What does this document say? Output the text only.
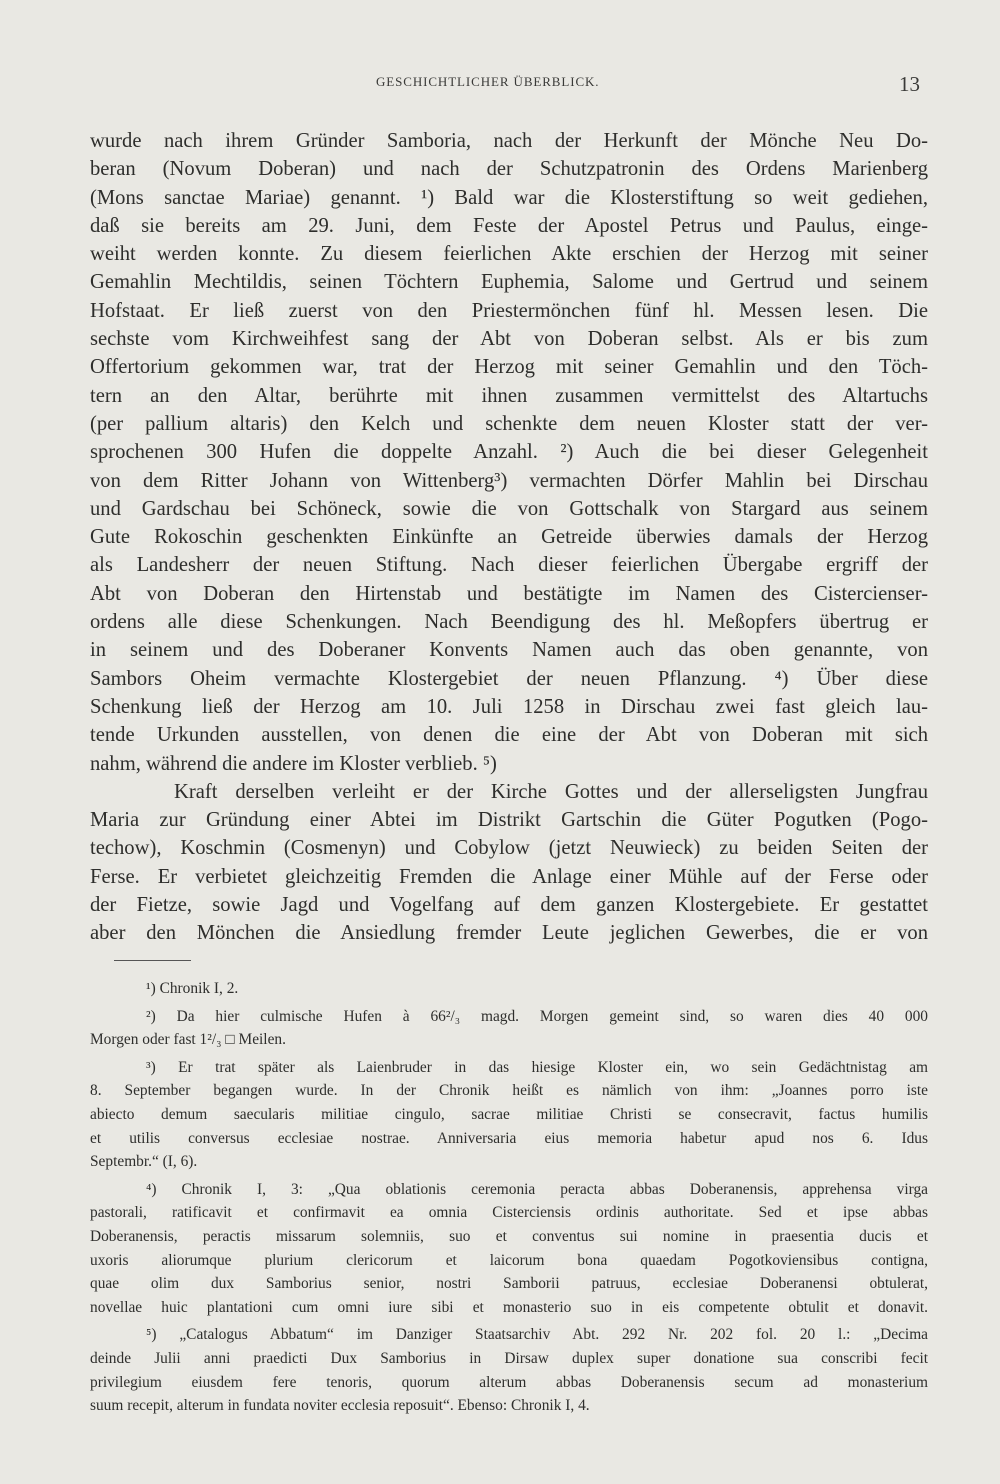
GESCHICHTLICHER ÜBERBLICK.	13
wurde nach ihrem Gründer Samboria, nach der Herkunft der Mönche Neu Do-
beran (Novum Doberan) und nach der Schutzpatronin des Ordens Marienberg
(Mons sanctae Mariae) genannt. ¹) Bald war die Klosterstiftung so weit gediehen,
daß sie bereits am 29. Juni, dem Feste der Apostel Petrus und Paulus, einge-
weiht werden konnte. Zu diesem feierlichen Akte erschien der Herzog mit seiner
Gemahlin Mechtildis, seinen Töchtern Euphemia, Salome und Gertrud und seinem
Hofstaat. Er ließ zuerst von den Priestermönchen fünf hl. Messen lesen. Die
sechste vom Kirchweihfest sang der Abt von Doberan selbst. Als er bis zum
Offertorium gekommen war, trat der Herzog mit seiner Gemahlin und den Töch-
tern an den Altar, berührte mit ihnen zusammen vermittelst des Altartuchs
(per pallium altaris) den Kelch und schenkte dem neuen Kloster statt der ver-
sprochenen 300 Hufen die doppelte Anzahl. ²) Auch die bei dieser Gelegenheit
von dem Ritter Johann von Wittenberg³) vermachten Dörfer Mahlin bei Dirschau
und Gardschau bei Schöneck, sowie die von Gottschalk von Stargard aus seinem
Gute Rokoschin geschenkten Einkünfte an Getreide überwies damals der Herzog
als Landesherr der neuen Stiftung. Nach dieser feierlichen Übergabe ergriff der
Abt von Doberan den Hirtenstab und bestätigte im Namen des Cistercienser-
ordens alle diese Schenkungen. Nach Beendigung des hl. Meßopfers übertrug er
in seinem und des Doberaner Konvents Namen auch das oben genannte, von
Sambors Oheim vermachte Klostergebiet der neuen Pflanzung. ⁴) Über diese
Schenkung ließ der Herzog am 10. Juli 1258 in Dirschau zwei fast gleich lau-
tende Urkunden ausstellen, von denen die eine der Abt von Doberan mit sich
nahm, während die andere im Kloster verblieb. ⁵)
Kraft derselben verleiht er der Kirche Gottes und der allerseligsten Jungfrau
Maria zur Gründung einer Abtei im Distrikt Gartschin die Güter Pogutken (Pogo-
techow), Koschmin (Cosmenyn) und Cobylow (jetzt Neuwieck) zu beiden Seiten der
Ferse. Er verbietet gleichzeitig Fremden die Anlage einer Mühle auf der Ferse oder
der Fietze, sowie Jagd und Vogelfang auf dem ganzen Klostergebiete. Er gestattet
aber den Mönchen die Ansiedlung fremder Leute jeglichen Gewerbes, die er von
¹) Chronik I, 2.
²) Da hier culmische Hufen à 66²/₃ magd. Morgen gemeint sind, so waren dies 40 000
Morgen oder fast 1²/₃ □ Meilen.
³) Er trat später als Laienbruder in das hiesige Kloster ein, wo sein Gedächtnistag am
8. September begangen wurde. In der Chronik heißt es nämlich von ihm: „Joannes porro iste
abiecto demum saecularis militiae cingulo, sacrae militiae Christi se consecravit, factus humilis
et utilis conversus ecclesiae nostrae. Anniversaria eius memoria habetur apud nos 6. Idus
Septembr.“ (I, 6).
⁴) Chronik I, 3: „Qua oblationis ceremonia peracta abbas Doberanensis, apprehensa virga
pastorali, ratificavit et confirmavit ea omnia Cisterciensis ordinis authoritate. Sed et ipse abbas
Doberanensis, peractis missarum solemniis, suo et conventus sui nomine in praesentia ducis et
uxoris aliorumque plurium clericorum et laicorum bona quaedam Pogotkoviensibus contigna,
quae olim dux Samborius senior, nostri Samborii patruus, ecclesiae Doberanensi obtulerat,
novellae huic plantationi cum omni iure sibi et monasterio suo in eis competente obtulit et donavit.
⁵) „Catalogus Abbatum“ im Danziger Staatsarchiv Abt. 292 Nr. 202 fol. 20 l.: „Decima
deinde Julii anni praedicti Dux Samborius in Dirsaw duplex super donatione sua conscribi fecit
privilegium eiusdem fere tenoris, quorum alterum abbas Doberanensis secum ad monasterium
suum recepit, alterum in fundata noviter ecclesia reposuit“. Ebenso: Chronik I, 4.
